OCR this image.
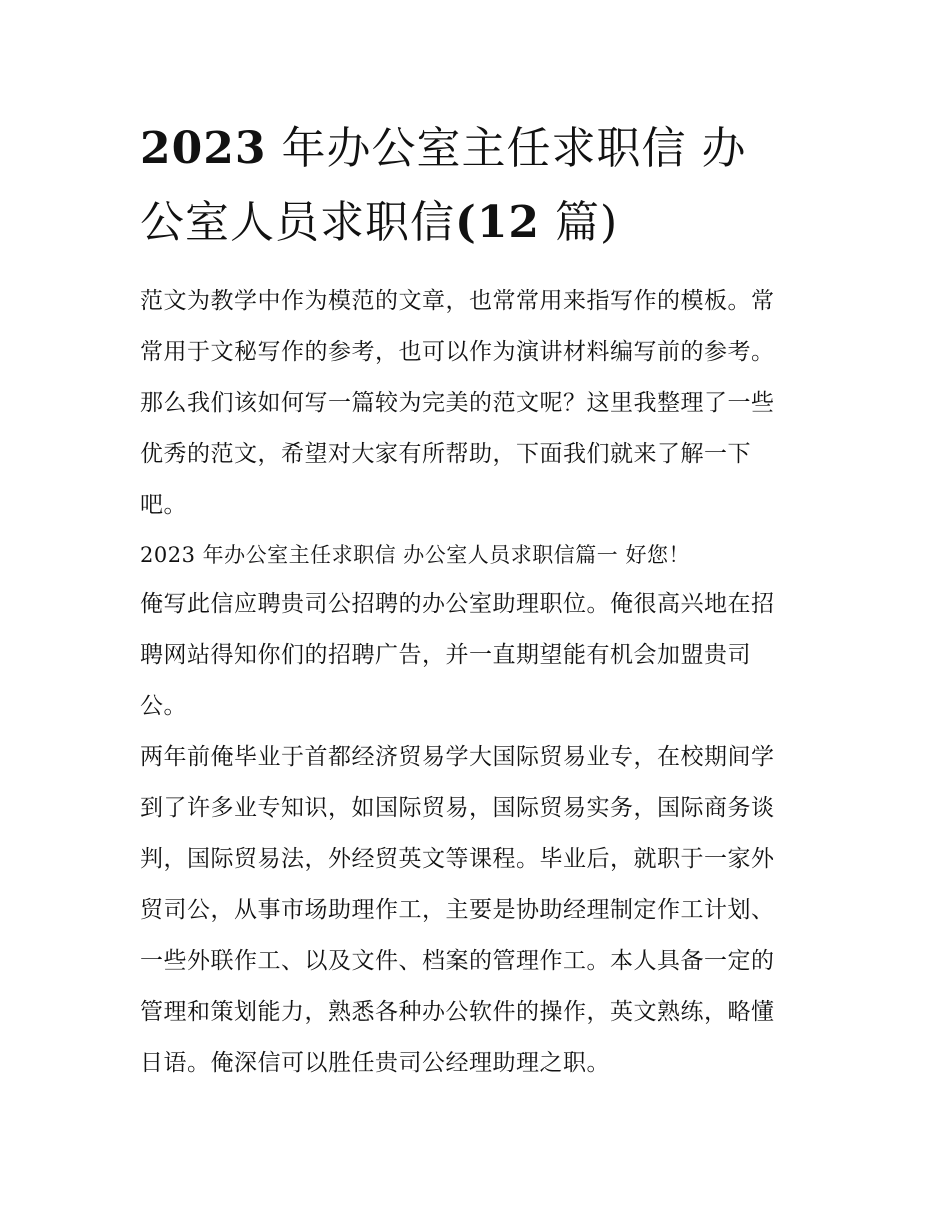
2023 年办公室主任求职信 办
公室人员求职信(12 篇)

范文为教学中作为模范的文章，也常常用来指写作的模板。常
常用于文秘写作的参考，也可以作为演讲材料编写前的参考。
那么我们该如何写一篇较为完美的范文呢？这里我整理了一些
优秀的范文，希望对大家有所帮助，下面我们就来了解一下
吧。

2023 年办公室主任求职信 办公室人员求职信篇一 好您！

俺写此信应聘贵司公招聘的办公室助理职位。俺很高兴地在招
聘网站得知你们的招聘广告，并一直期望能有机会加盟贵司
公。

两年前俺毕业于首都经济贸易学大国际贸易业专，在校期间学
到了许多业专知识，如国际贸易，国际贸易实务，国际商务谈
判，国际贸易法，外经贸英文等课程。毕业后，就职于一家外
贸司公，从事市场助理作工，主要是协助经理制定作工计划、
一些外联作工、以及文件、档案的管理作工。本人具备一定的
管理和策划能力，熟悉各种办公软件的操作，英文熟练，略懂
日语。俺深信可以胜任贵司公经理助理之职。
